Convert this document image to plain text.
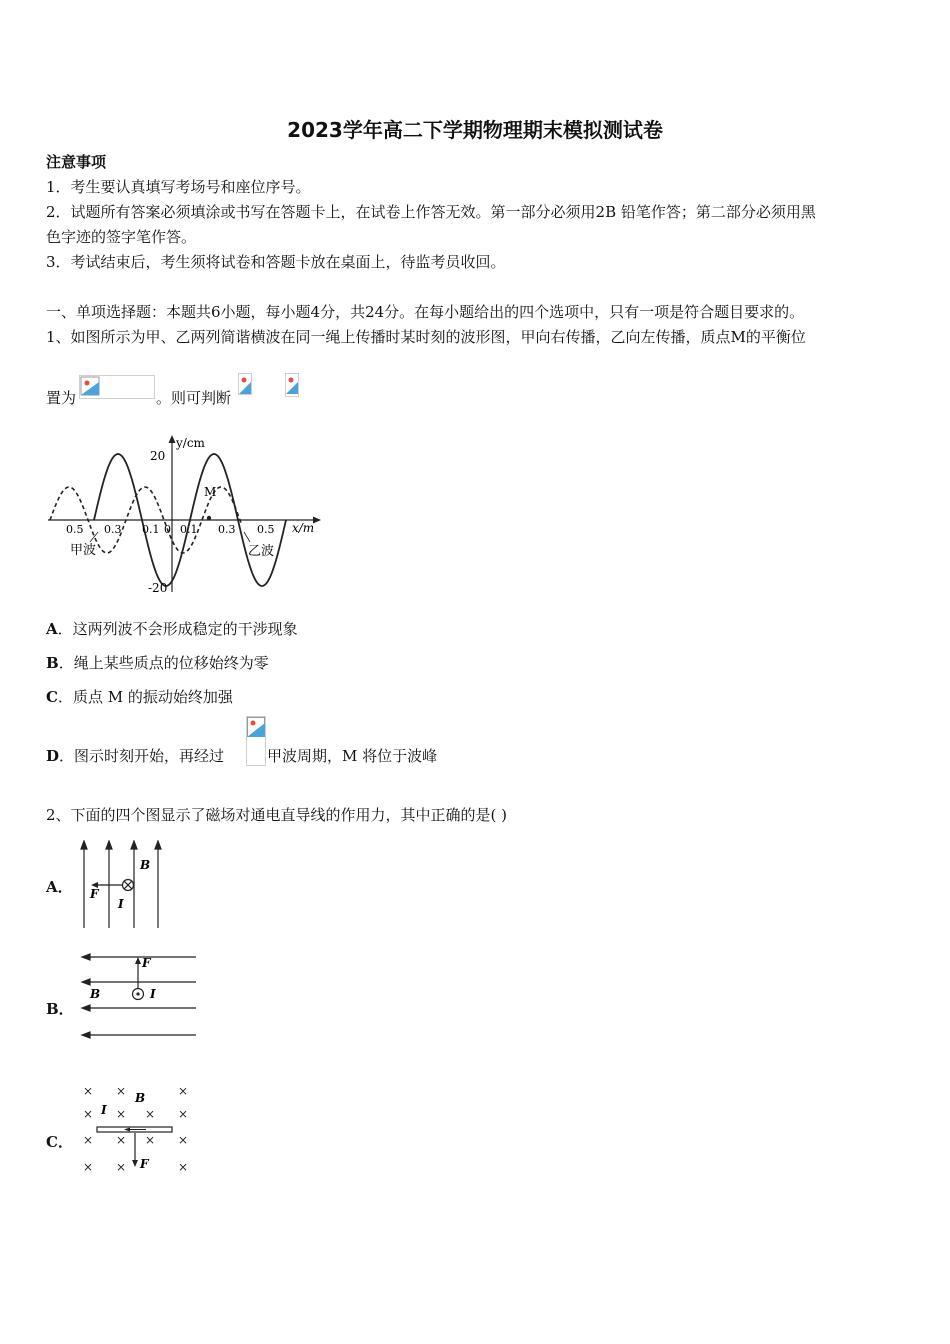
2023学年高二下学期物理期末模拟测试卷
注意事项
1．考生要认真填写考场号和座位序号。
2．试题所有答案必须填涂或书写在答题卡上，在试卷上作答无效。第一部分必须用2B 铅笔作答；第二部分必须用黑
色字迹的签字笔作答。
3．考试结束后，考生须将试卷和答题卡放在桌面上，待监考员收回。
一、单项选择题：本题共6小题，每小题4分，共24分。在每小题给出的四个选项中，只有一项是符合题目要求的。
1、如图所示为甲、乙两列简谐横波在同一绳上传播时某时刻的波形图，甲向右传播，乙向左传播，质点M的平衡位
置为	。则可判断
y/cm
20
-20
x/m
M
0.5 0.3 0.1 0 0.1 0.3 0.5
甲波	乙波
A．这两列波不会形成稳定的干涉现象
B．绳上某些质点的位移始终为零
C．质点 M 的振动始终加强
D．图示时刻开始，再经过	甲波周期，M 将位于波峰
2、下面的四个图显示了磁场对通电直导线的作用力，其中正确的是( )
A．
B
F
I
B．
F
B	I
C．
× ×	×
× × ×
×
× × × ×
× ×	×
B
I
F
